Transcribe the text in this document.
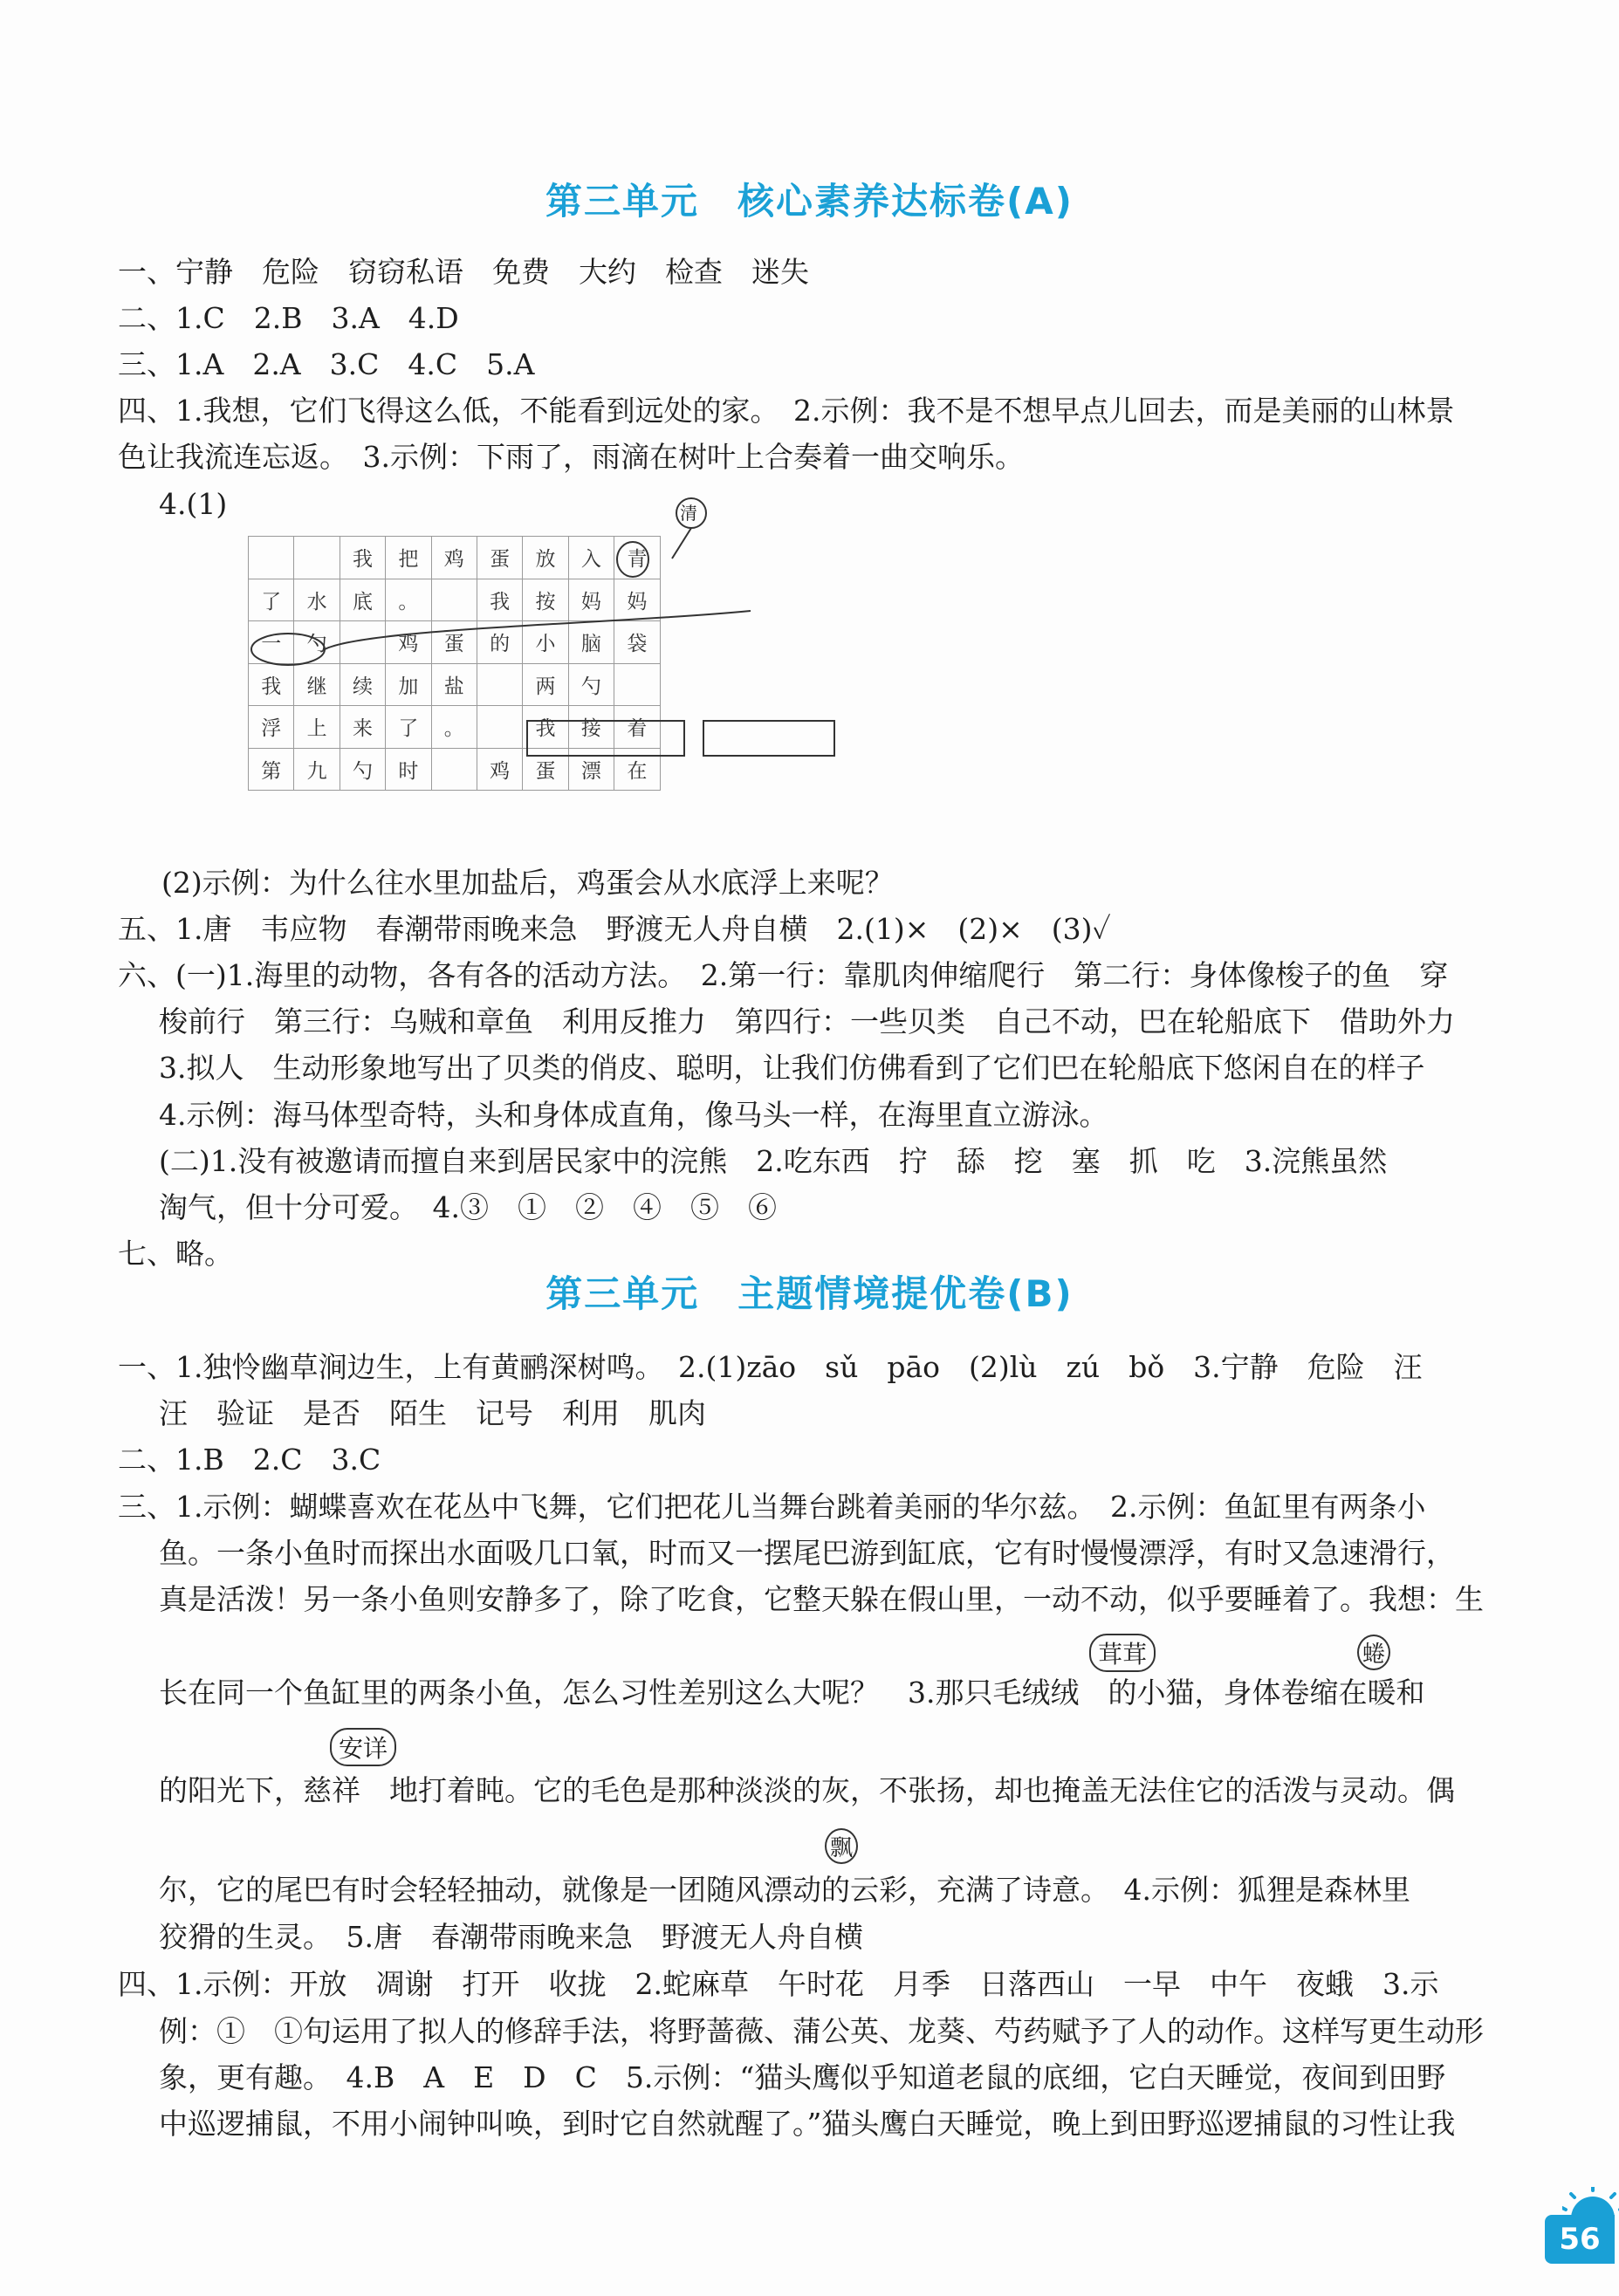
第三单元　核心素养达标卷(A)
一、宁静　危险　窃窃私语　免费　大约　检查　迷失
二、1.C　2.B　3.A　4.D
三、1.A　2.A　3.C　4.C　5.A
四、1.我想，它们飞得这么低，不能看到远处的家。　2.示例：我不是不想早点儿回去，而是美丽的山林景
色让我流连忘返。　3.示例：下雨了，雨滴在树叶上合奏着一曲交响乐。
4.(1)
		我	把	鸡	蛋	放	入	青
了	水	底	。		我	按	妈	妈
一	勺		鸡	蛋	的	小	脑	袋
我	继	续	加	盐		两	勺	
浮	上	来	了	。		我	接	着
第	九	勺	时		鸡	蛋	漂	在
清
(2)示例：为什么往水里加盐后，鸡蛋会从水底浮上来呢？
五、1.唐　韦应物　春潮带雨晚来急　野渡无人舟自横　2.(1)×　(2)×　(3)✓
六、(一)1.海里的动物，各有各的活动方法。　2.第一行：靠肌肉伸缩爬行　第二行：身体像梭子的鱼　穿
梭前行　第三行：乌贼和章鱼　利用反推力　第四行：一些贝类　自己不动，巴在轮船底下　借助外力
3.拟人　生动形象地写出了贝类的俏皮、聪明，让我们仿佛看到了它们巴在轮船底下悠闲自在的样子
4.示例：海马体型奇特，头和身体成直角，像马头一样，在海里直立游泳。
(二)1.没有被邀请而擅自来到居民家中的浣熊　2.吃东西　拧　舔　挖　塞　抓　吃　3.浣熊虽然
淘气，但十分可爱。　4.③　①　②　④　⑤　⑥
七、略。
第三单元　主题情境提优卷(B)
一、1.独怜幽草涧边生，上有黄鹂深树鸣。　2.(1)zāo　sǔ　pāo　(2)lù　zú　bǒ　3.宁静　危险　汪
汪　验证　是否　陌生　记号　利用　肌肉
二、1.B　2.C　3.C
三、1.示例：蝴蝶喜欢在花丛中飞舞，它们把花儿当舞台跳着美丽的华尔兹。　2.示例：鱼缸里有两条小
鱼。一条小鱼时而探出水面吸几口氧，时而又一摆尾巴游到缸底，它有时慢慢漂浮，有时又急速滑行，
真是活泼！另一条小鱼则安静多了，除了吃食，它整天躲在假山里，一动不动，似乎要睡着了。我想：生
长在同一个鱼缸里的两条小鱼，怎么习性差别这么大呢？　3.那只毛绒绒　的小猫，身体卷缩在暖和
的阳光下，慈祥　地打着盹。它的毛色是那种淡淡的灰，不张扬，却也掩盖无法住它的活泼与灵动。偶
尔，它的尾巴有时会轻轻抽动，就像是一团随风漂动的云彩，充满了诗意。　4.示例：狐狸是森林里
狡猾的生灵。　5.唐　春潮带雨晚来急　野渡无人舟自横
四、1.示例：开放　凋谢　打开　收拢　2.蛇麻草　午时花　月季　日落西山　一早　中午　夜蛾　3.示
例：①　①句运用了拟人的修辞手法，将野蔷薇、蒲公英、龙葵、芍药赋予了人的动作。这样写更生动形
象，更有趣。　4.B　A　E　D　C　5.示例：“猫头鹰似乎知道老鼠的底细，它白天睡觉，夜间到田野
中巡逻捕鼠，不用小闹钟叫唤，到时它自然就醒了。”猫头鹰白天睡觉，晚上到田野巡逻捕鼠的习性让我
茸茸	蜷
安详
飘
56
